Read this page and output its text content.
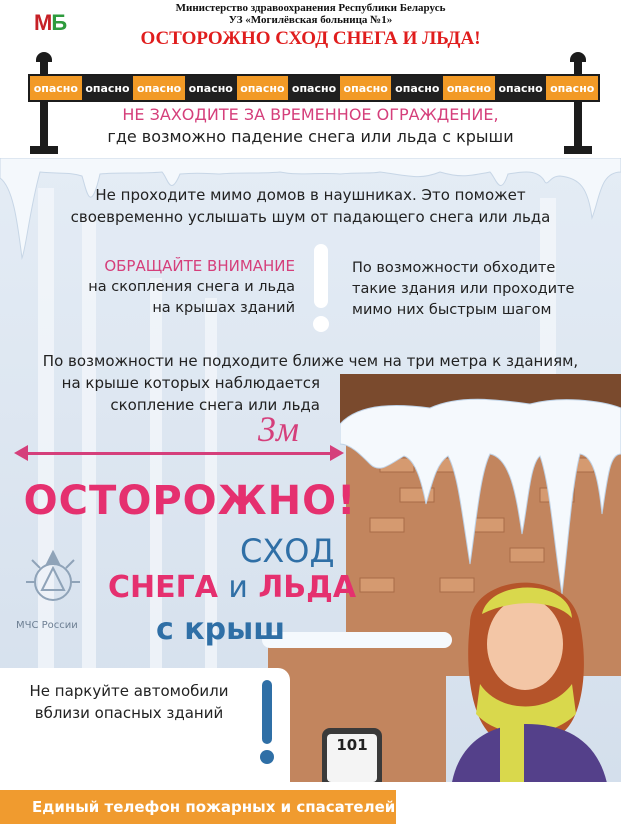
МБ
Министерство здравоохранения Республики Беларусь
УЗ «Могилёвская больница №1»
ОСТОРОЖНО СХОД СНЕГА И ЛЬДА!
опасно опасно опасно опасно опасно опасно опасно опасно опасно опасно опасно
НЕ ЗАХОДИТЕ ЗА ВРЕМЕННОЕ ОГРАЖДЕНИЕ,
где возможно падение снега или льда с крыши
Не проходите мимо домов в наушниках. Это поможет
своевременно услышать шум от падающего снега или льда
ОБРАЩАЙТЕ ВНИМАНИЕ
на скопления снега и льда
на крышах зданий
По возможности обходите
такие здания или проходите
мимо них быстрым шагом
По возможности не подходите ближе чем на три метра к зданиям,
на крыше которых наблюдается
скопление снега или льда
3м
МЧС России
101
ОСТОРОЖНО!
СХОД
СНЕГА и ЛЬДА
с крыш
Не паркуйте автомобили
вблизи опасных зданий
Единый телефон пожарных и спасателей
